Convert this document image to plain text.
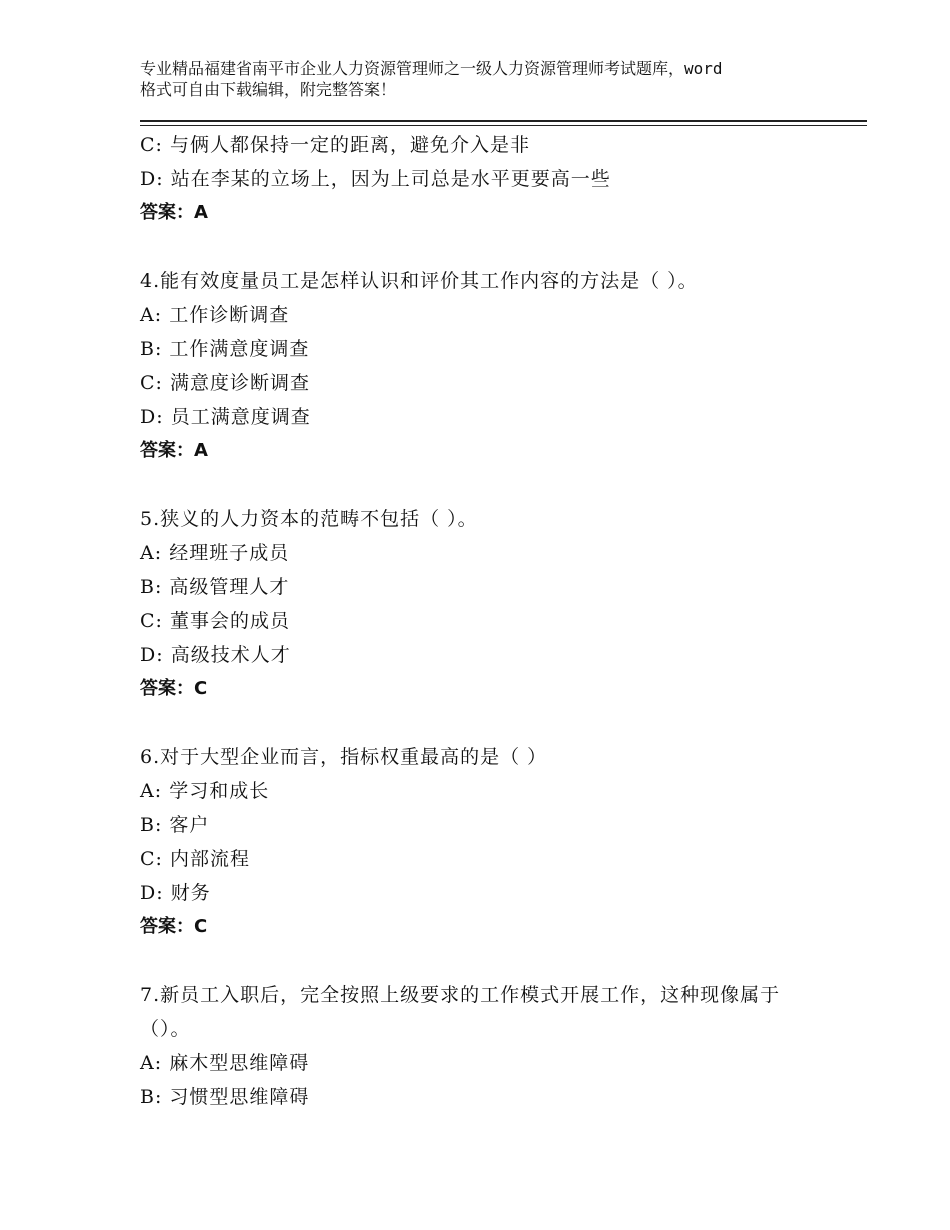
专业精品福建省南平市企业人力资源管理师之一级人力资源管理师考试题库，word
格式可自由下载编辑，附完整答案！
C: 与俩人都保持一定的距离，避免介入是非
D: 站在李某的立场上，因为上司总是水平更要高一些
答案：A
4.能有效度量员工是怎样认识和评价其工作内容的方法是（ ）。
A: 工作诊断调查
B: 工作满意度调查
C: 满意度诊断调查
D: 员工满意度调查
答案：A
5.狭义的人力资本的范畴不包括（ ）。
A: 经理班子成员
B: 高级管理人才
C: 董事会的成员
D: 高级技术人才
答案：C
6.对于大型企业而言，指标权重最高的是（ ）
A: 学习和成长
B: 客户
C: 内部流程
D: 财务
答案：C
7.新员工入职后，完全按照上级要求的工作模式开展工作，这种现像属于（）。
A: 麻木型思维障碍
B: 习惯型思维障碍
